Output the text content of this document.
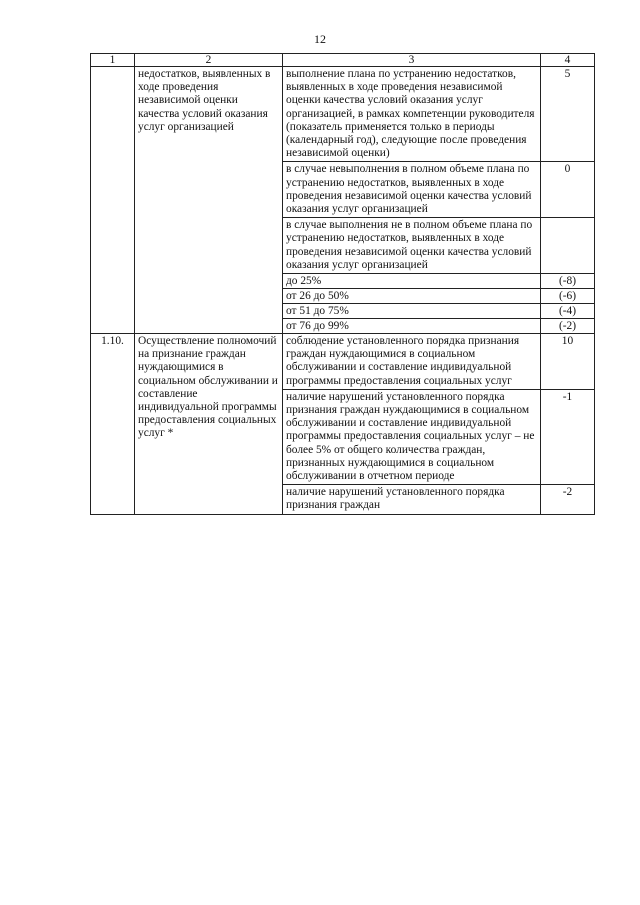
12
1	2	3	4
	недостатков, выявленных в ходе проведения независимой оценки качества условий оказания услуг организацией	выполнение плана по устранению недостатков, выявленных в ходе проведения независимой оценки качества условий оказания услуг организацией, в рамках компетенции руководителя (показатель применяется только в периоды (календарный год), следующие после проведения независимой оценки)	5
		в случае невыполнения в полном объеме плана по устранению недостатков, выявленных в ходе проведения независимой оценки качества условий оказания услуг организацией	0
		в случае выполнения не в полном объеме плана по устранению недостатков, выявленных в ходе проведения независимой оценки качества условий оказания услуг организацией	
		до 25%	(-8)
		от 26 до 50%	(-6)
		от 51 до 75%	(-4)
		от 76 до 99%	(-2)
1.10.	Осуществление полномочий на признание граждан нуждающимися в социальном обслуживании и составление индивидуальной программы предоставления социальных услуг *	соблюдение установленного порядка признания граждан нуждающимися в социальном обслуживании и составление индивидуальной программы предоставления социальных услуг	10
		наличие нарушений установленного порядка признания граждан нуждающимися в социальном обслуживании и составление индивидуальной программы предоставления социальных услуг – не более 5% от общего количества граждан, признанных нуждающимися в социальном обслуживании в отчетном периоде	-1
		наличие нарушений установленного порядка признания граждан	-2
